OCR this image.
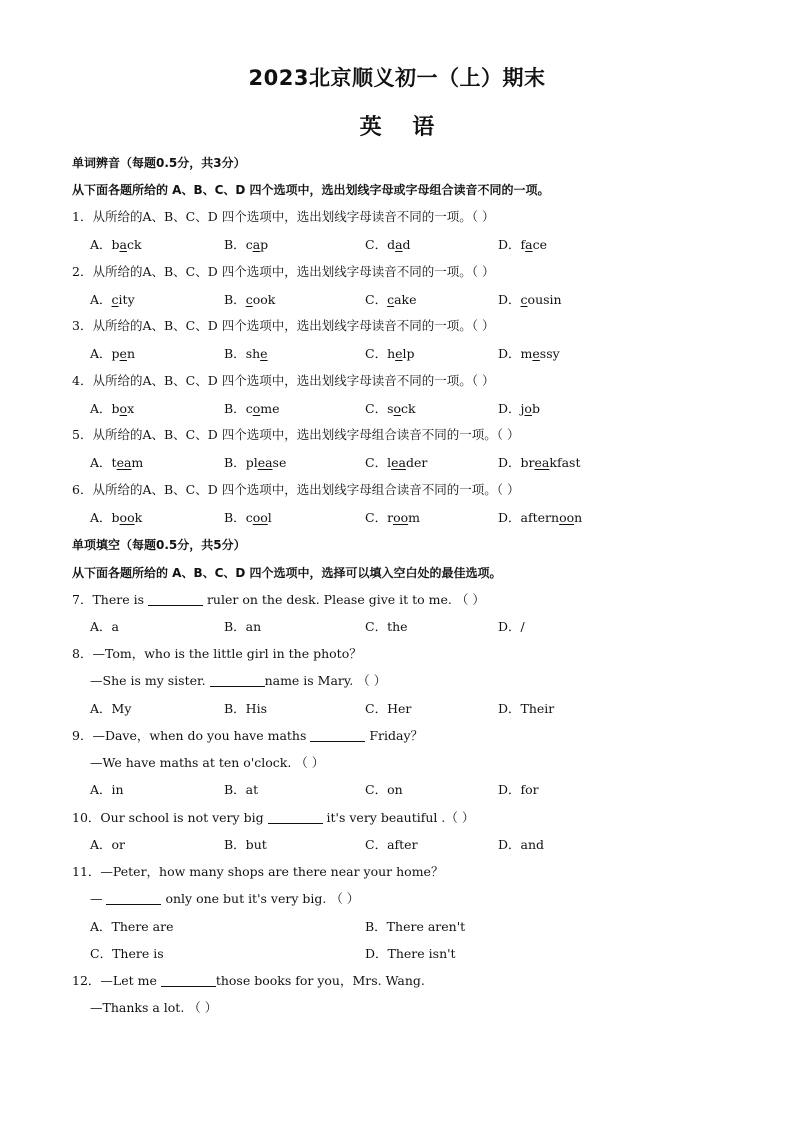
2023北京顺义初一（上）期末
英    语
单词辨音（每题0.5分，共3分）
从下面各题所给的 A、B、C、D 四个选项中，选出划线字母或字母组合读音不同的一项。
1．从所给的A、B、C、D 四个选项中，选出划线字母读音不同的一项。（ ）
A．back	B．cap	C．dad	D．face
2．从所给的A、B、C、D 四个选项中，选出划线字母读音不同的一项。（ ）
A．city	B．cook	C．cake	D．cousin
3．从所给的A、B、C、D 四个选项中，选出划线字母读音不同的一项。（ ）
A．pen	B．she	C．help	D．messy
4．从所给的A、B、C、D 四个选项中，选出划线字母读音不同的一项。（ ）
A．box	B．come	C．sock	D．job
5．从所给的A、B、C、D 四个选项中，选出划线字母组合读音不同的一项。（ ）
A．team	B．please	C．leader	D．breakfast
6．从所给的A、B、C、D 四个选项中，选出划线字母组合读音不同的一项。（ ）
A．book	B．cool	C．room	D．afternoon
单项填空（每题0.5分，共5分）
从下面各题所给的 A、B、C、D 四个选项中，选择可以填入空白处的最佳选项。
7．There is	ruler on the desk. Please give it to me. （ ）
A．a	B．an	C．the	D．/
8．—Tom，who is the little girl in the photo？
—She is my sister.	name is Mary. （ ）
A．My	B．His	C．Her	D．Their
9．—Dave，when do you have maths	Friday？
—We have maths at ten o'clock. （ ）
A．in	B．at	C．on	D．for
10．Our school is not very big	it's very beautiful .（ ）
A．or	B．but	C．after	D．and
11．—Peter，how many shops are there near your home？
—	only one but it's very big. （ ）
A．There are	B．There aren't
C．There is	D．There isn't
12．—Let me	those books for you，Mrs. Wang.
—Thanks a lot. （ ）
